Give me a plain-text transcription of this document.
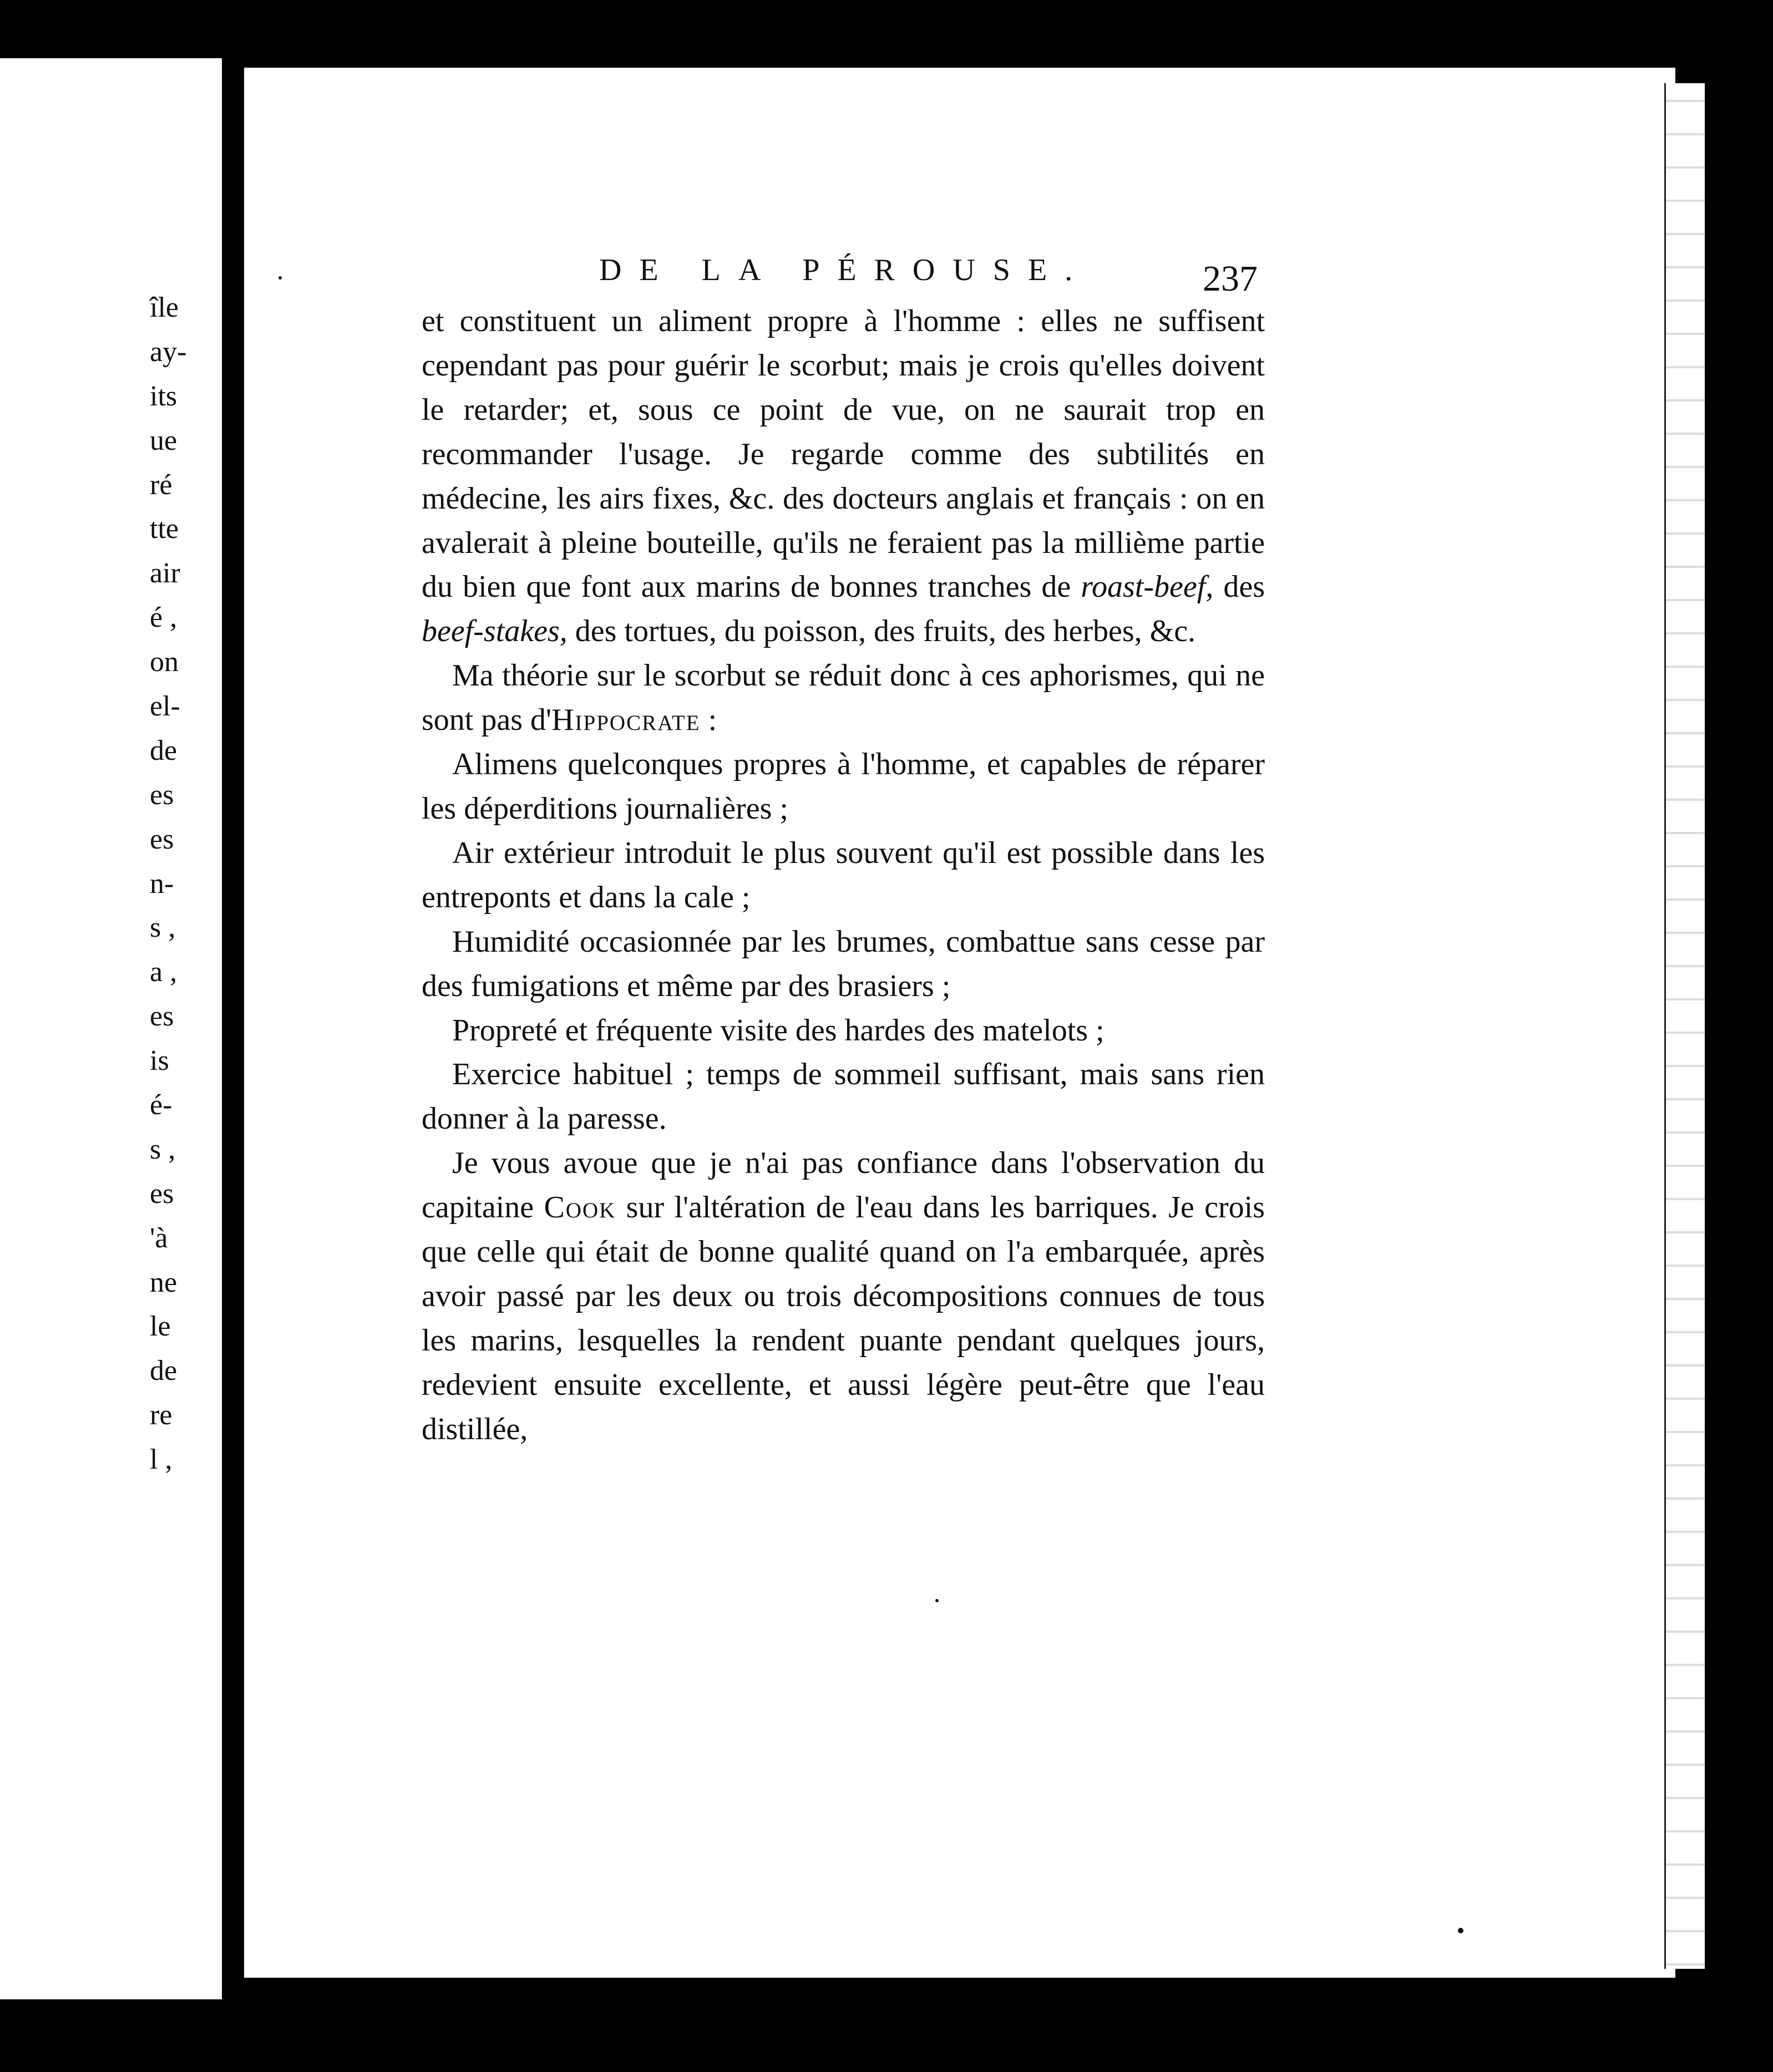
île
ay-
its
ue
ré
tte
air
é ,
on
el-
de
es
es
n-
s ,
a ,
es
is
é-
s ,
es
'à
ne
le
de
re
l ,
DE LA PÉROUSE.	237

et constituent un aliment propre à l'homme : elles ne suffisent cependant pas pour guérir le scorbut; mais je crois qu'elles doivent le retarder; et, sous ce point de vue, on ne saurait trop en recommander l'usage. Je regarde comme des subtilités en médecine, les airs fixes, &c. des docteurs anglais et français : on en avalerait à pleine bouteille, qu'ils ne feraient pas la millième partie du bien que font aux marins de bonnes tranches de roast-beef, des beef-stakes, des tortues, du poisson, des fruits, des herbes, &c.

Ma théorie sur le scorbut se réduit donc à ces aphorismes, qui ne sont pas d'Hippocrate :

Alimens quelconques propres à l'homme, et capables de réparer les déperditions journalières ;

Air extérieur introduit le plus souvent qu'il est possible dans les entreponts et dans la cale ;

Humidité occasionnée par les brumes, combattue sans cesse par des fumigations et même par des brasiers ;

Propreté et fréquente visite des hardes des matelots ;

Exercice habituel ; temps de sommeil suffisant, mais sans rien donner à la paresse.

Je vous avoue que je n'ai pas confiance dans l'observation du capitaine Cook sur l'altération de l'eau dans les barriques. Je crois que celle qui était de bonne qualité quand on l'a embarquée, après avoir passé par les deux ou trois décompositions connues de tous les marins, lesquelles la rendent puante pendant quelques jours, redevient ensuite excellente, et aussi légère peut-être que l'eau distillée,
